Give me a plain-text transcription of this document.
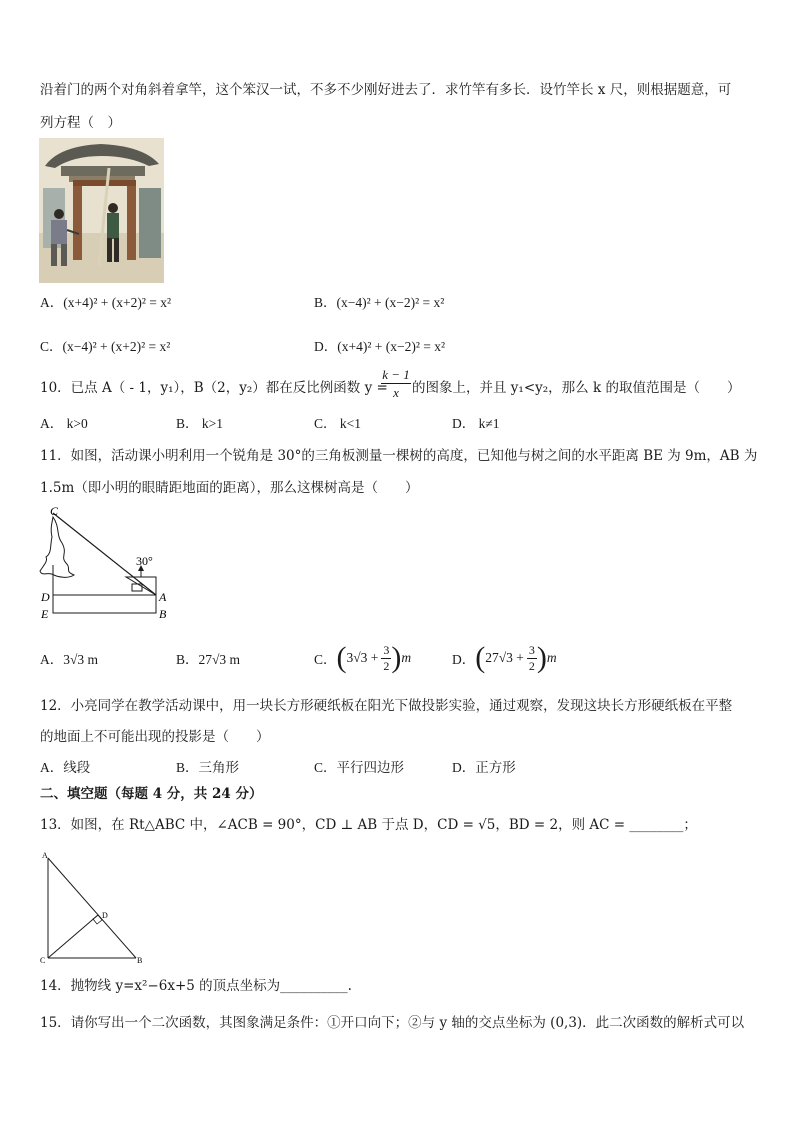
沿着门的两个对角斜着拿竿，这个笨汉一试，不多不少刚好进去了．求竹竿有多长．设竹竿长 x 尺，则根据题意，可
列方程（　）
A．(x+4)² + (x+2)² = x²	B．(x−4)² + (x−2)² = x²
C．(x−4)² + (x+2)² = x²	D．(x+4)² + (x−2)² = x²
10．已点 A（ - 1，y₁），B（2，y₂）都在反比例函数 y =
$\frac{k - 1}{x}$ 的图象上，并且 y₁<y₂，那么 k 的取值范围是（　　）
A． k>0	B． k>1	C． k<1	D． k≠1
11．如图，活动课小明利用一个锐角是 30°的三角板测量一棵树的高度，已知他与树之间的水平距离 BE 为 9m，AB 为
1.5m（即小明的眼睛距地面的距离），那么这棵树高是（　　）
C
D
E
A
B
30°
A．3√3 m	B．27√3 m	C． ( $3√3 + \frac{3}{2}$ ) m	D． ( $27√3 + \frac{3}{2}$ ) m
12．小亮同学在教学活动课中，用一块长方形硬纸板在阳光下做投影实验，通过观察，发现这块长方形硬纸板在平整
的地面上不可能出现的投影是（　　）
A．线段	B．三角形	C．平行四边形	D．正方形
二、填空题（每题 4 分，共 24 分）
13．如图，在 Rt△ABC 中，∠ACB = 90°，CD ⊥ AB 于点 D，CD = √5，BD = 2，则 AC = ________；
A
C	B
D
14．抛物线 y=x²−6x+5 的顶点坐标为__________.
15．请你写出一个二次函数，其图象满足条件：①开口向下；②与 y 轴的交点坐标为 (0,3)．此二次函数的解析式可以
